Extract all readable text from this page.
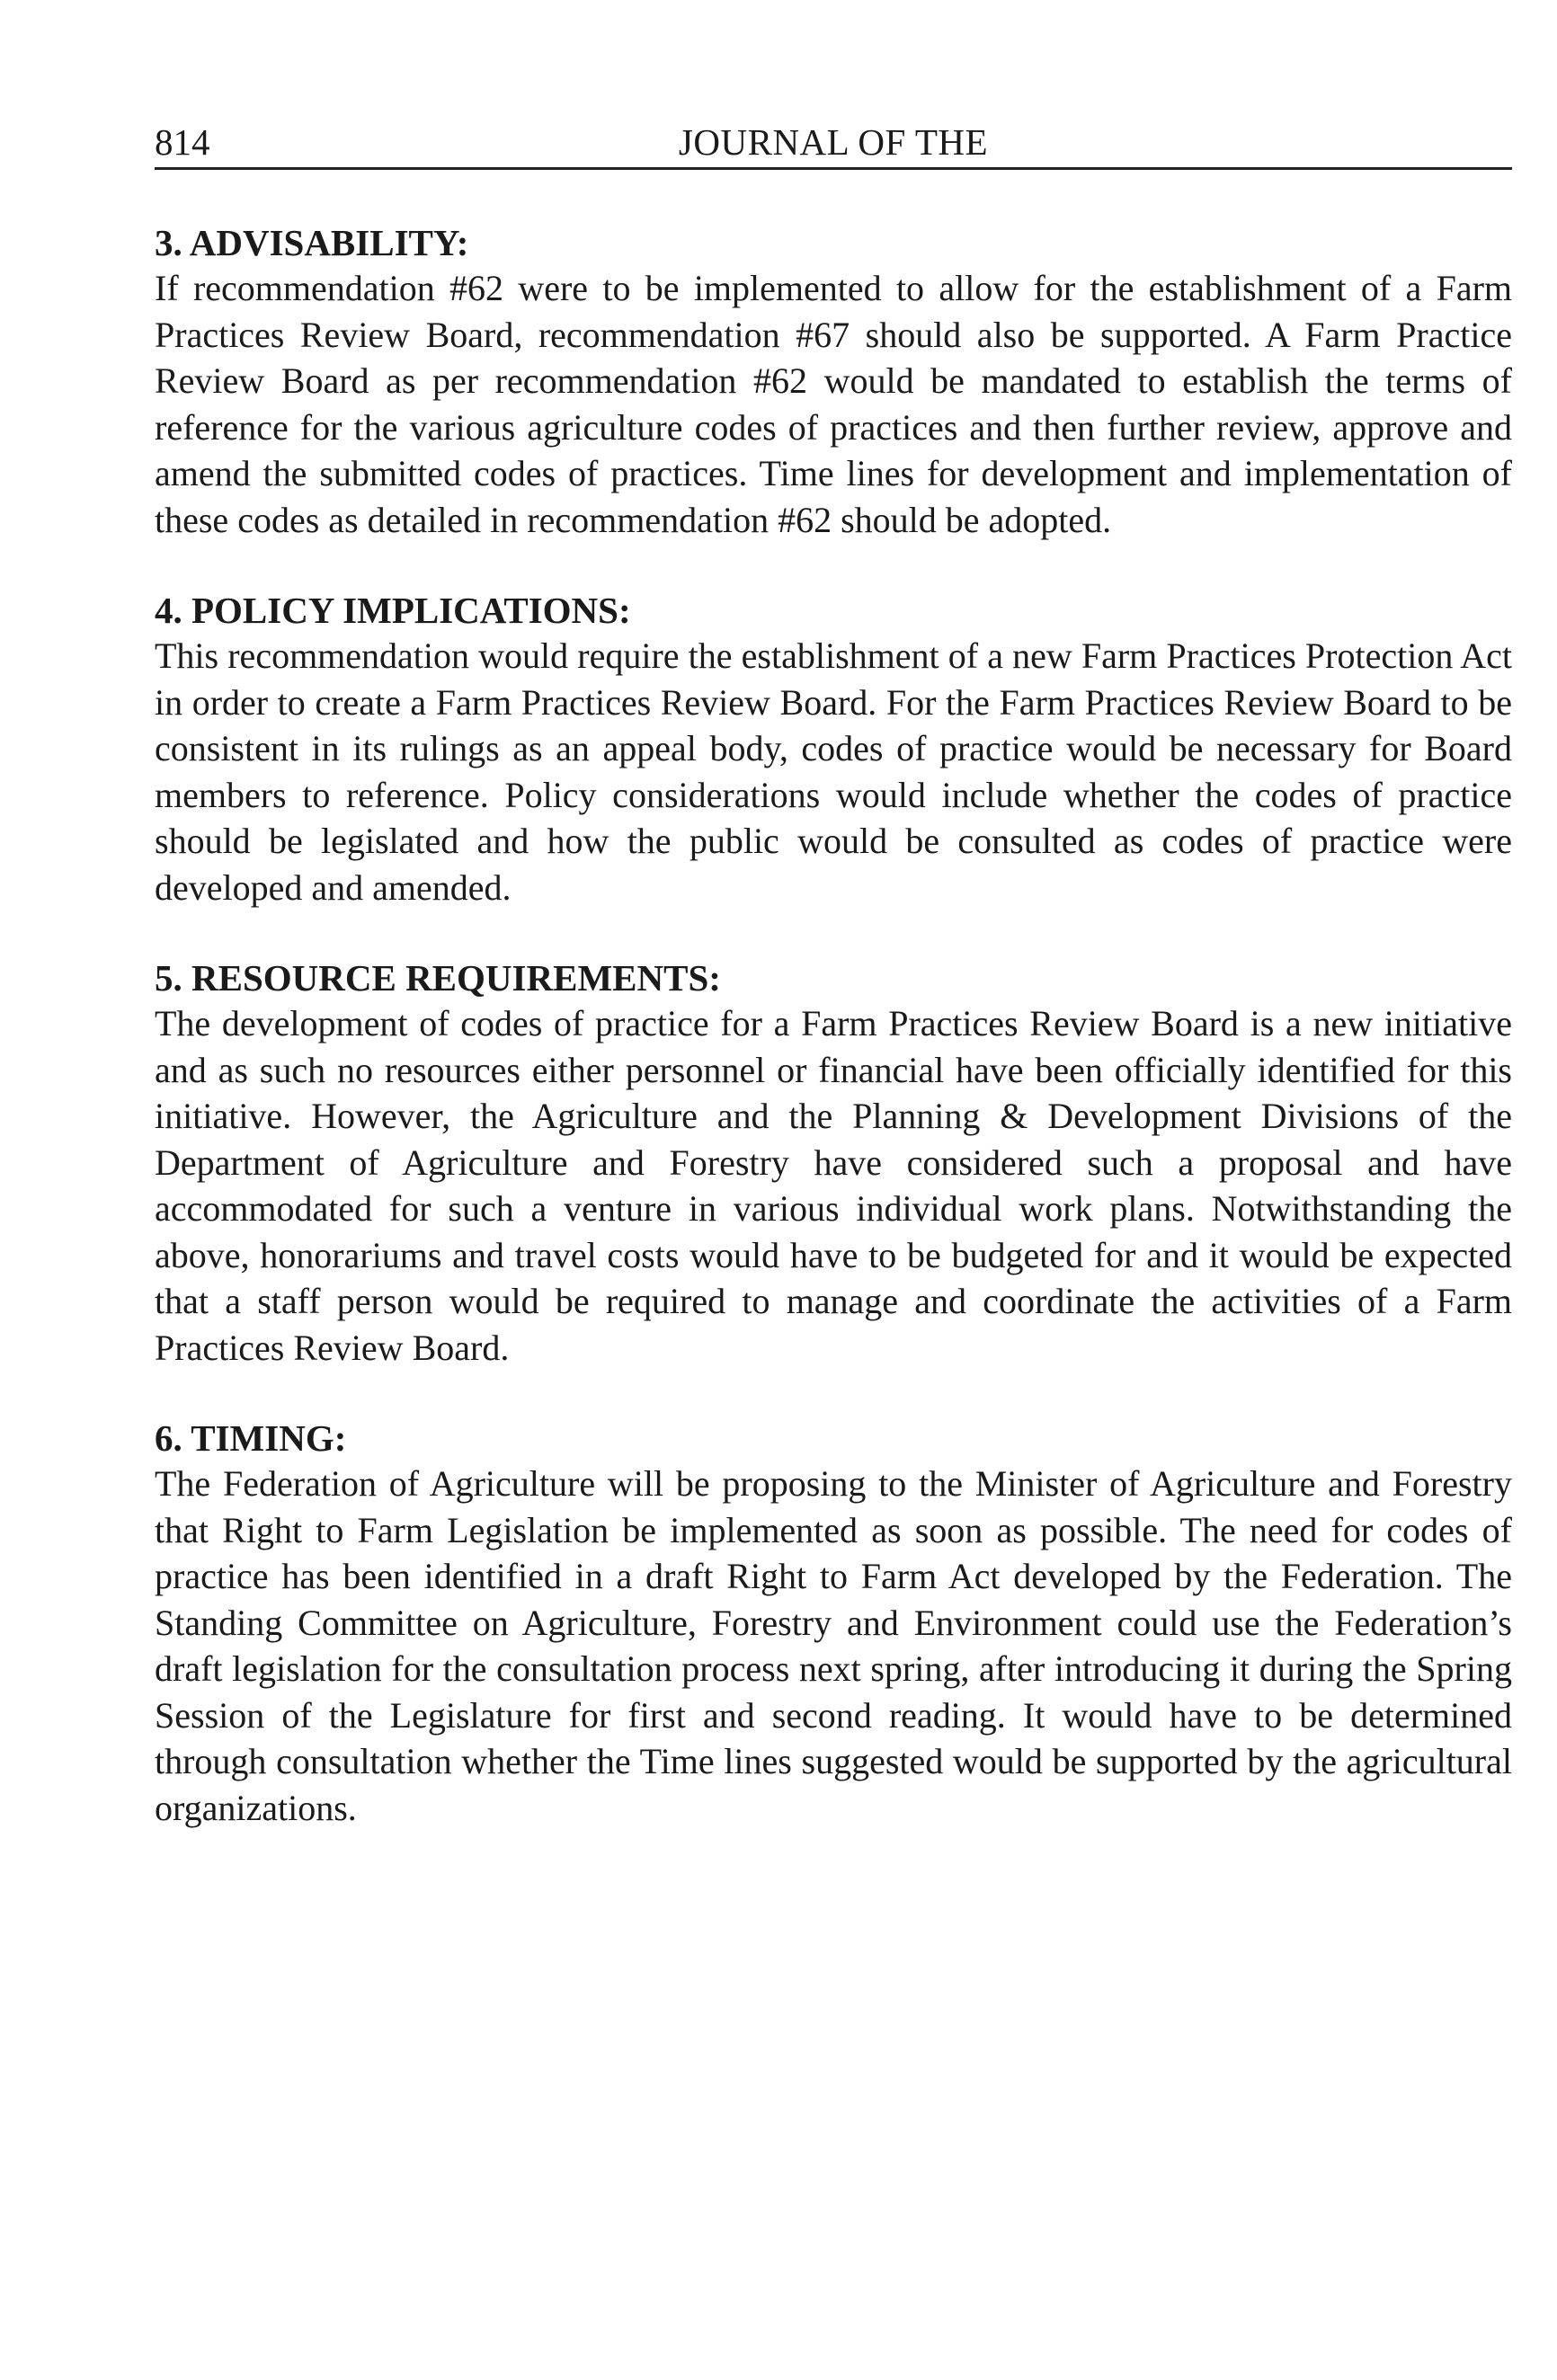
814	JOURNAL OF THE

3. ADVISABILITY:

If recommendation #62 were to be implemented to allow for the establishment of a Farm Practices Review Board, recommendation #67 should also be supported. A Farm Practice Review Board as per recommendation #62 would be mandated to establish the terms of reference for the various agriculture codes of practices and then further review, approve and amend the submitted codes of practices. Time lines for development and implementation of these codes as detailed in recommendation #62 should be adopted.

4. POLICY IMPLICATIONS:

This recommendation would require the establishment of a new Farm Practices Protection Act in order to create a Farm Practices Review Board. For the Farm Practices Review Board to be consistent in its rulings as an appeal body, codes of practice would be necessary for Board members to reference. Policy considerations would include whether the codes of practice should be legislated and how the public would be consulted as codes of practice were developed and amended.

5. RESOURCE REQUIREMENTS:

The development of codes of practice for a Farm Practices Review Board is a new initiative and as such no resources either personnel or financial have been officially identified for this initiative. However, the Agriculture and the Planning & Development Divisions of the Department of Agriculture and Forestry have considered such a proposal and have accommodated for such a venture in various individual work plans. Notwithstanding the above, honorariums and travel costs would have to be budgeted for and it would be expected that a staff person would be required to manage and coordinate the activities of a Farm Practices Review Board.

6. TIMING:

The Federation of Agriculture will be proposing to the Minister of Agriculture and Forestry that Right to Farm Legislation be implemented as soon as possible. The need for codes of practice has been identified in a draft Right to Farm Act developed by the Federation. The Standing Committee on Agriculture, Forestry and Environment could use the Federation’s draft legislation for the consultation process next spring, after introducing it during the Spring Session of the Legislature for first and second reading. It would have to be determined through consultation whether the Time lines suggested would be supported by the agricultural organizations.
